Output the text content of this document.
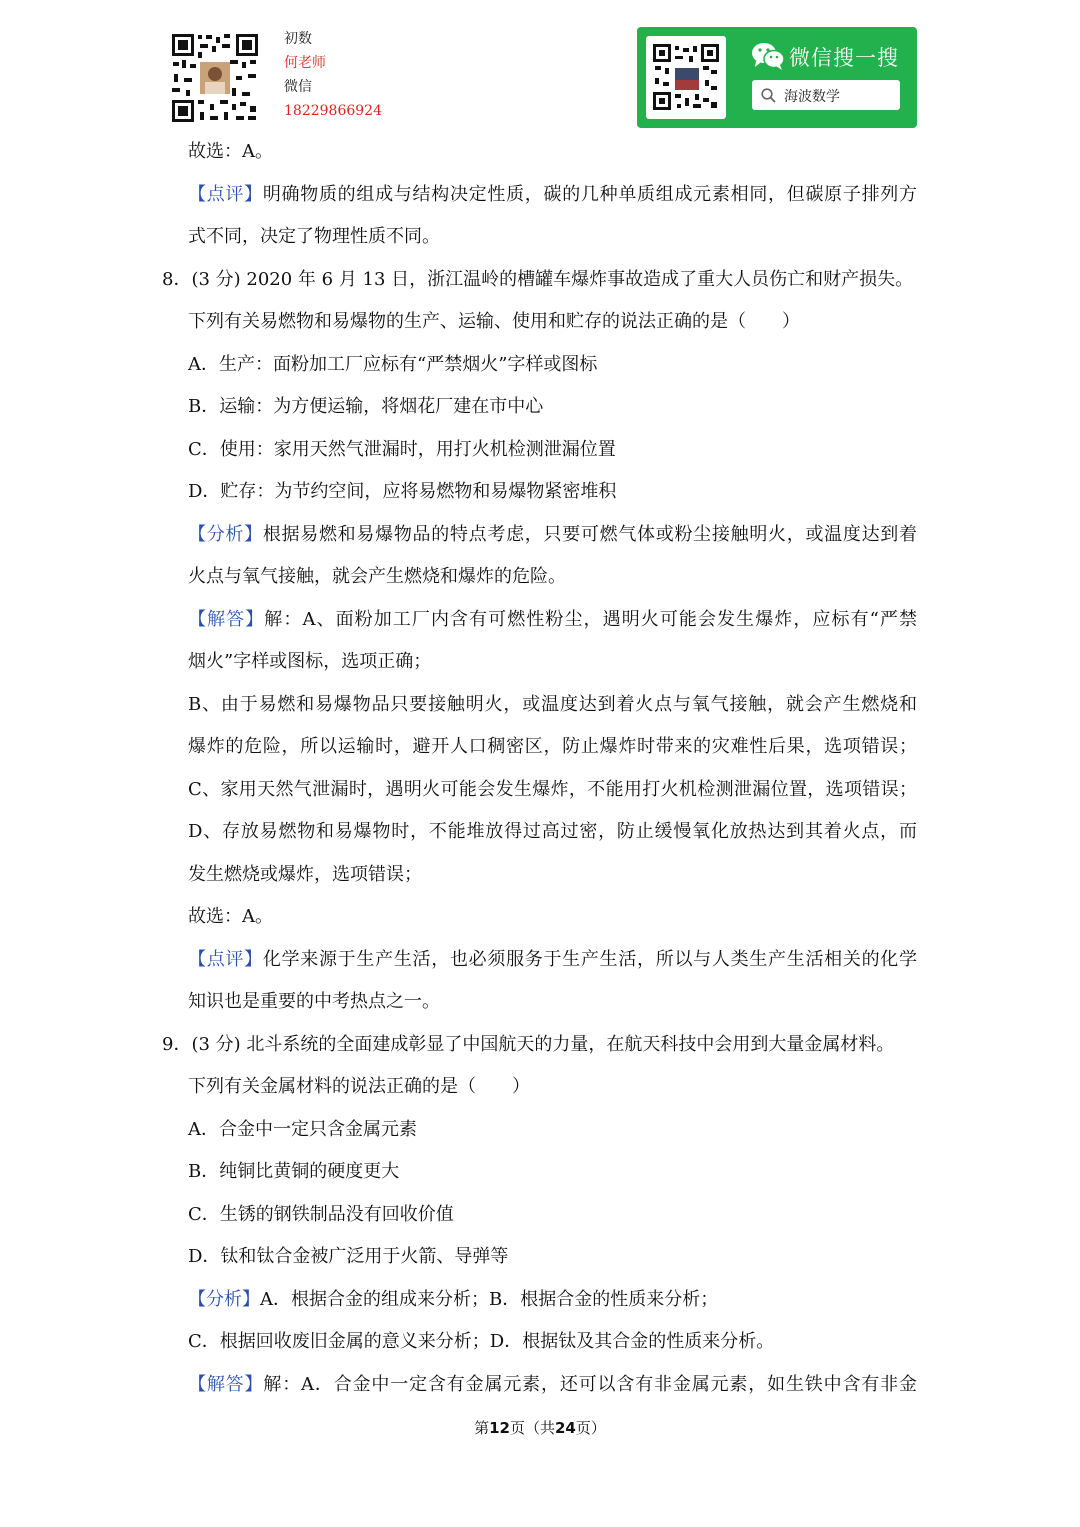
初数
何老师
微信
18229866924
微信搜一搜
海波数学
故选：A。
【点评】明确物质的组成与结构决定性质，碳的几种单质组成元素相同，但碳原子排列方
式不同，决定了物理性质不同。
8．(3 分) 2020 年 6 月 13 日，浙江温岭的槽罐车爆炸事故造成了重大人员伤亡和财产损失。
下列有关易燃物和易爆物的生产、运输、使用和贮存的说法正确的是（　　）
A．生产：面粉加工厂应标有“严禁烟火”字样或图标
B．运输：为方便运输，将烟花厂建在市中心
C．使用：家用天然气泄漏时，用打火机检测泄漏位置
D．贮存：为节约空间，应将易燃物和易爆物紧密堆积
【分析】根据易燃和易爆物品的特点考虑，只要可燃气体或粉尘接触明火，或温度达到着
火点与氧气接触，就会产生燃烧和爆炸的危险。
【解答】解：A、面粉加工厂内含有可燃性粉尘，遇明火可能会发生爆炸，应标有“严禁
烟火”字样或图标，选项正确；
B、由于易燃和易爆物品只要接触明火，或温度达到着火点与氧气接触，就会产生燃烧和
爆炸的危险，所以运输时，避开人口稠密区，防止爆炸时带来的灾难性后果，选项错误；
C、家用天然气泄漏时，遇明火可能会发生爆炸，不能用打火机检测泄漏位置，选项错误；
D、存放易燃物和易爆物时，不能堆放得过高过密，防止缓慢氧化放热达到其着火点，而
发生燃烧或爆炸，选项错误；
故选：A。
【点评】化学来源于生产生活，也必须服务于生产生活，所以与人类生产生活相关的化学
知识也是重要的中考热点之一。
9．(3 分) 北斗系统的全面建成彰显了中国航天的力量，在航天科技中会用到大量金属材料。
下列有关金属材料的说法正确的是（　　）
A．合金中一定只含金属元素
B．纯铜比黄铜的硬度更大
C．生锈的钢铁制品没有回收价值
D．钛和钛合金被广泛用于火箭、导弹等
【分析】A．根据合金的组成来分析；B．根据合金的性质来分析；
C．根据回收废旧金属的意义来分析；D．根据钛及其合金的性质来分析。
【解答】解：A．合金中一定含有金属元素，还可以含有非金属元素，如生铁中含有非金
第12页（共24页）
